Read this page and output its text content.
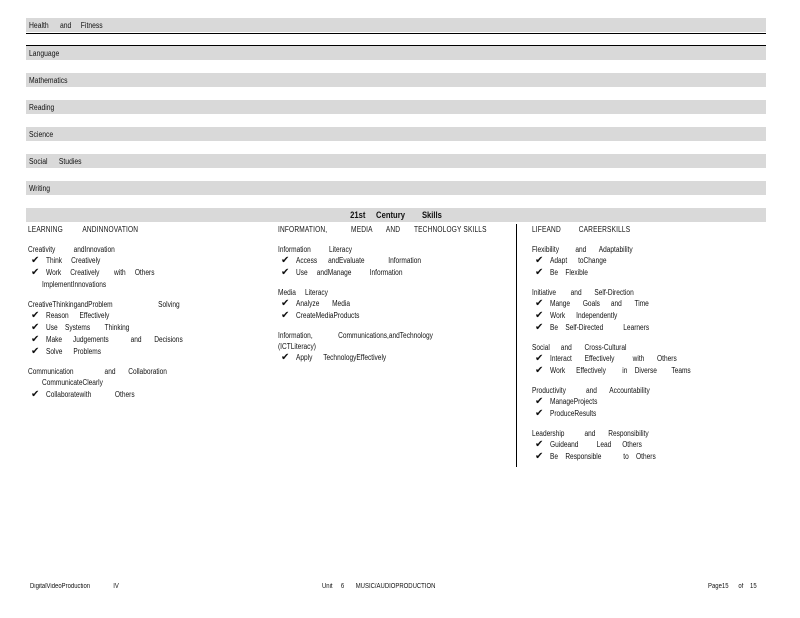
Health      and     Fitness
Language
Mathematics
Reading
Science
Social      Studies
Writing
21st     Century        Skills
LEARNING          ANDINNOVATION
Creativity          andInnovation
✔ Think     Creatively
✔ Work     Creatively        with     Others
ImplementInnovations
CreativeThinkingandProblem                         Solving
✔ Reason      Effectively
✔ Use    Systems        Thinking
✔ Make      Judgements            and       Decisions
✔ Solve      Problems
Communication                 and       Collaboration
CommunicateClearly
✔ Collaboratewith             Others
INFORMATION,            MEDIA       AND       TECHNOLOGY SKILLS
Information          Literacy
✔ Access      andEvaluate             Information
✔ Use     andManage          Information
Media     Literacy
✔ Analyze       Media
✔ CreateMediaProducts
Information,              Communications,andTechnology
(ICTLiteracy)
✔ Apply      TechnologyEffectively
LIFEAND         CAREERSKILLS
Flexibility         and       Adaptability
✔ Adapt      toChange
✔ Be    Flexible
Initiative        and       Self-Direction
✔ Mange       Goals      and       Time
✔ Work      Independently
✔ Be    Self-Directed           Learners
Social      and       Cross-Cultural
✔ Interact       Effectively          with       Others
✔ Work      Effectively         in    Diverse        Teams
Productivity           and       Accountability
✔ ManageProjects
✔ ProduceResults
Leadership           and       Responsibility
✔ Guideand          Lead      Others
✔ Be    Responsible            to    Others
DigitalVideoProduction              IV	Unit     6       MUSIC/AUDIOPRODUCTION	Page15      of    15
